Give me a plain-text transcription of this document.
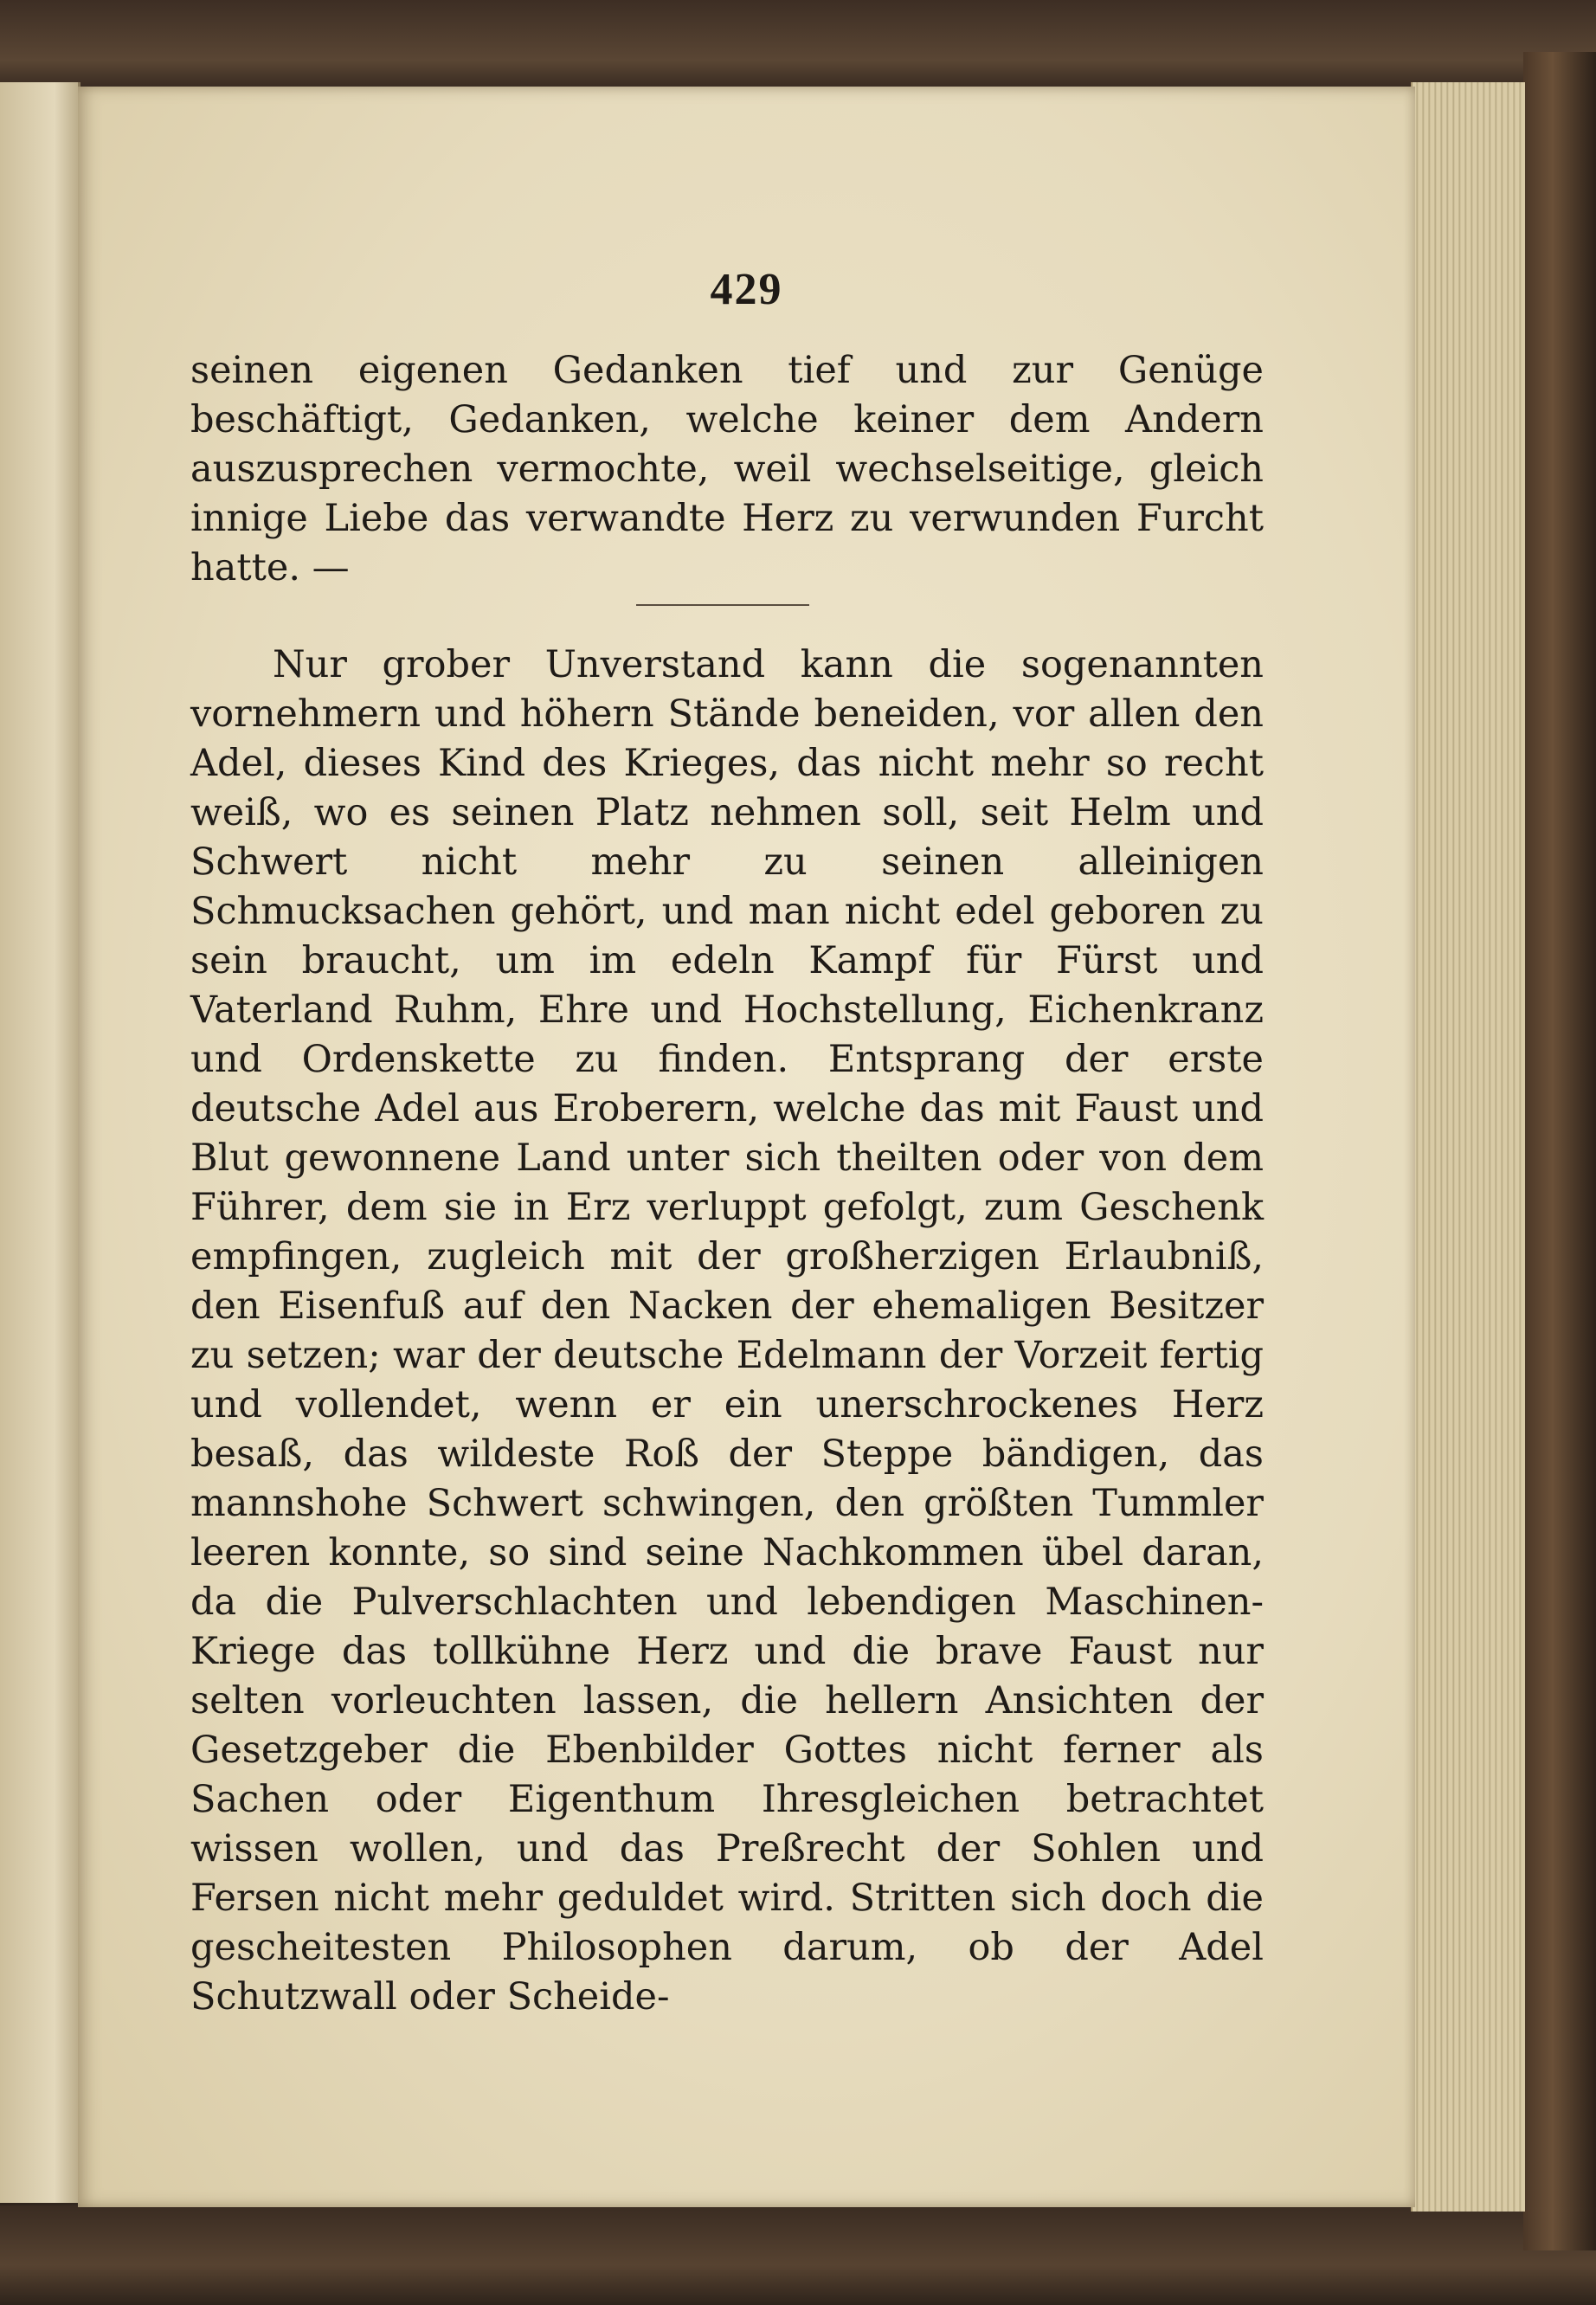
429
seinen eigenen Gedanken tief und zur Genüge beschäftigt, Gedanken, welche keiner dem Andern auszusprechen vermochte, weil wechselseitige, gleich innige Liebe das verwandte Herz zu verwunden Furcht hatte. —
Nur grober Unverstand kann die sogenannten vornehmern und höhern Stände beneiden, vor allen den Adel, dieses Kind des Krieges, das nicht mehr so recht weiß, wo es seinen Platz nehmen soll, seit Helm und Schwert nicht mehr zu seinen alleinigen Schmucksachen gehört, und man nicht edel geboren zu sein braucht, um im edeln Kampf für Fürst und Vaterland Ruhm, Ehre und Hochstellung, Eichenkranz und Ordenskette zu finden. Entsprang der erste deutsche Adel aus Eroberern, welche das mit Faust und Blut gewonnene Land unter sich theilten oder von dem Führer, dem sie in Erz verluppt gefolgt, zum Geschenk empfingen, zugleich mit der großherzigen Erlaubniß, den Eisenfuß auf den Nacken der ehemaligen Besitzer zu setzen; war der deutsche Edelmann der Vorzeit fertig und vollendet, wenn er ein unerschrockenes Herz besaß, das wildeste Roß der Steppe bändigen, das mannshohe Schwert schwingen, den größten Tummler leeren konnte, so sind seine Nachkommen übel daran, da die Pulverschlachten und lebendigen Maschinen-Kriege das tollkühne Herz und die brave Faust nur selten vorleuchten lassen, die hellern Ansichten der Gesetzgeber die Ebenbilder Gottes nicht ferner als Sachen oder Eigenthum Ihresgleichen betrachtet wissen wollen, und das Preßrecht der Sohlen und Fersen nicht mehr geduldet wird. Stritten sich doch die gescheitesten Philosophen darum, ob der Adel Schutzwall oder Scheide-
